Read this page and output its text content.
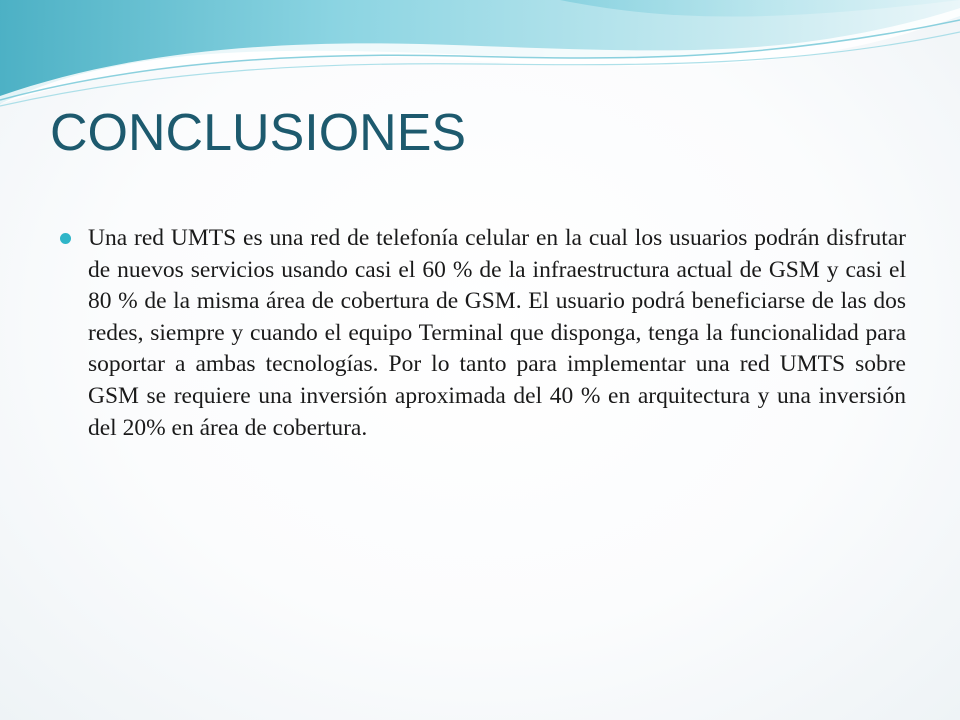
CONCLUSIONES

Una red UMTS es una red de telefonía celular en la cual los usuarios podrán disfrutar de nuevos servicios usando casi el 60 % de la infraestructura actual de GSM y casi el 80 % de la misma área de cobertura de GSM. El usuario podrá beneficiarse de las dos redes, siempre y cuando el equipo Terminal que disponga, tenga la funcionalidad para soportar a ambas tecnologías. Por lo tanto para implementar una red UMTS sobre GSM se requiere una inversión aproximada del 40 % en arquitectura y una inversión del 20% en área de cobertura.
